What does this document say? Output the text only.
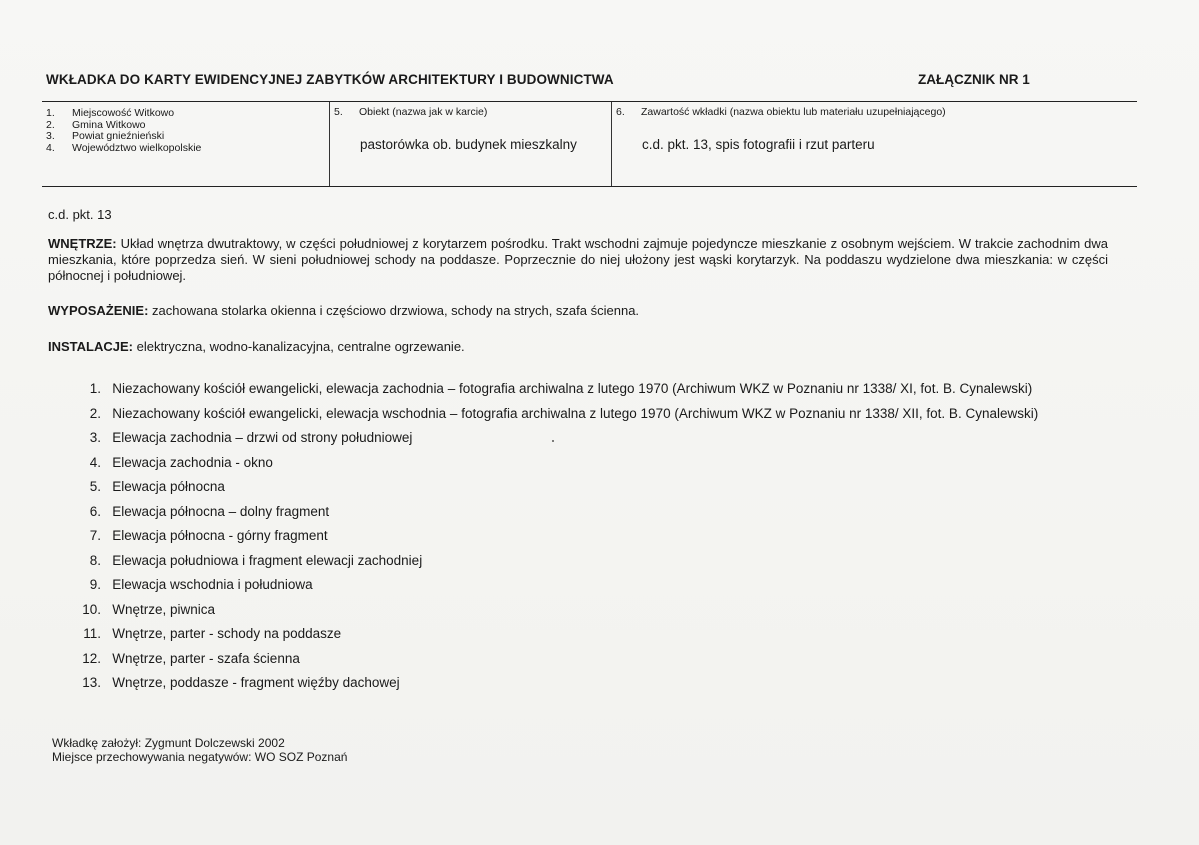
WKŁADKA DO KARTY EWIDENCYJNEJ ZABYTKÓW ARCHITEKTURY I BUDOWNICTWA	ZAŁĄCZNIK NR 1
1.	Miejscowość Witkowo
2.	Gmina Witkowo
3.	Powiat gnieźnieński
4.	Województwo wielkopolskie
5.	Obiekt (nazwa jak w karcie)
pastorówka ob. budynek mieszkalny
6.	Zawartość wkładki (nazwa obiektu lub materiału uzupełniającego)
c.d. pkt. 13, spis fotografii i rzut parteru
c.d. pkt. 13
WNĘTRZE: Układ wnętrza dwutraktowy, w części południowej z korytarzem pośrodku. Trakt wschodni zajmuje pojedyncze mieszkanie z osobnym wejściem. W trakcie zachodnim dwa mieszkania, które poprzedza sień. W sieni południowej schody na poddasze. Poprzecznie do niej ułożony jest wąski korytarzyk. Na poddaszu wydzielone dwa mieszkania: w części północnej i południowej.
WYPOSAŻENIE: zachowana stolarka okienna i częściowo drzwiowa, schody na strych, szafa ścienna.
INSTALACJE: elektryczna, wodno-kanalizacyjna, centralne ogrzewanie.
1.
Niezachowany kościół ewangelicki, elewacja zachodnia – fotografia archiwalna z lutego 1970 (Archiwum WKZ w Poznaniu nr 1338/ XI, fot. B. Cynalewski)
2.
Niezachowany kościół ewangelicki, elewacja wschodnia – fotografia archiwalna z lutego 1970 (Archiwum WKZ w Poznaniu nr 1338/ XII, fot. B. Cynalewski)
3.
Elewacja zachodnia – drzwi od strony południowej
4.
Elewacja zachodnia - okno
5.
Elewacja północna
6.
Elewacja północna – dolny fragment
7.
Elewacja północna - górny fragment
8.
Elewacja południowa i fragment elewacji zachodniej
9.
Elewacja wschodnia i południowa
10.
Wnętrze, piwnica
11.
Wnętrze, parter - schody na poddasze
12.
Wnętrze, parter - szafa ścienna
13.
Wnętrze, poddasze - fragment więźby dachowej
Wkładkę założył: Zygmunt Dolczewski 2002
Miejsce przechowywania negatywów: WO SOZ Poznań
